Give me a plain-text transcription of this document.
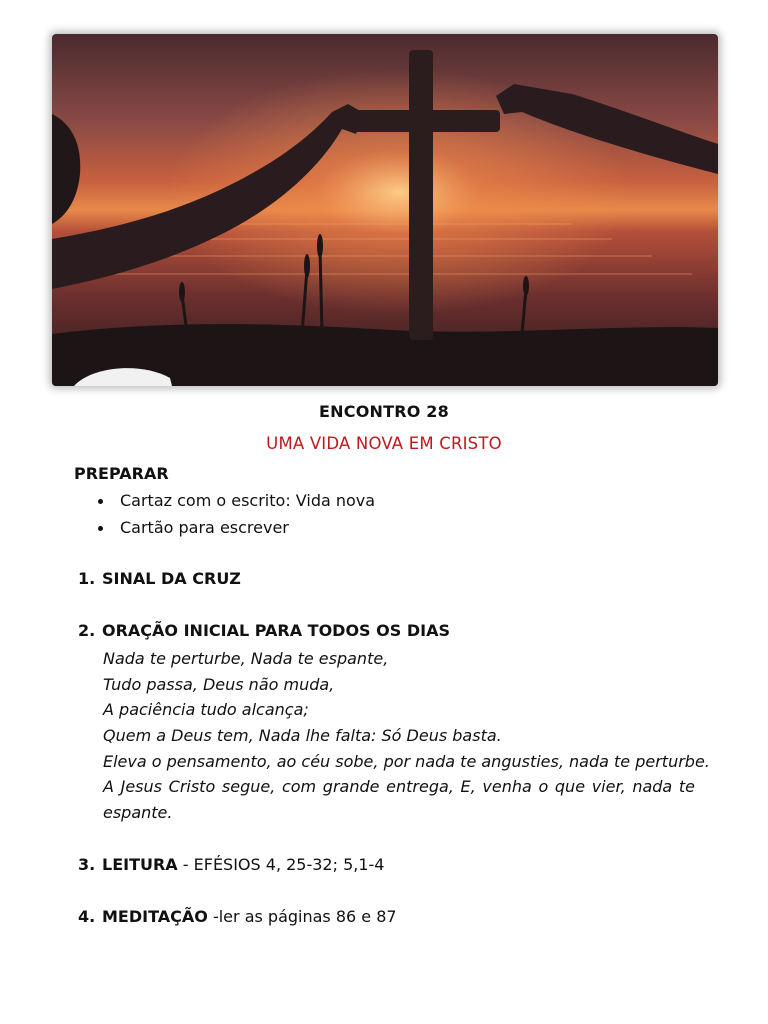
ENCONTRO 28
UMA VIDA NOVA EM CRISTO
PREPARAR
Cartaz com o escrito: Vida nova
Cartão para escrever
1. SINAL DA CRUZ
2. ORAÇÃO INICIAL PARA TODOS OS DIAS
Nada te perturbe, Nada te espante,
Tudo passa, Deus não muda,
A paciência tudo alcança;
Quem a Deus tem, Nada lhe falta: Só Deus basta.
Eleva o pensamento, ao céu sobe, por nada te angusties, nada te perturbe.
A Jesus Cristo segue, com grande entrega, E, venha o que vier, nada te
espante.
3. LEITURA - EFÉSIOS 4, 25-32; 5,1-4
4. MEDITAÇÃO -ler as páginas 86 e 87
